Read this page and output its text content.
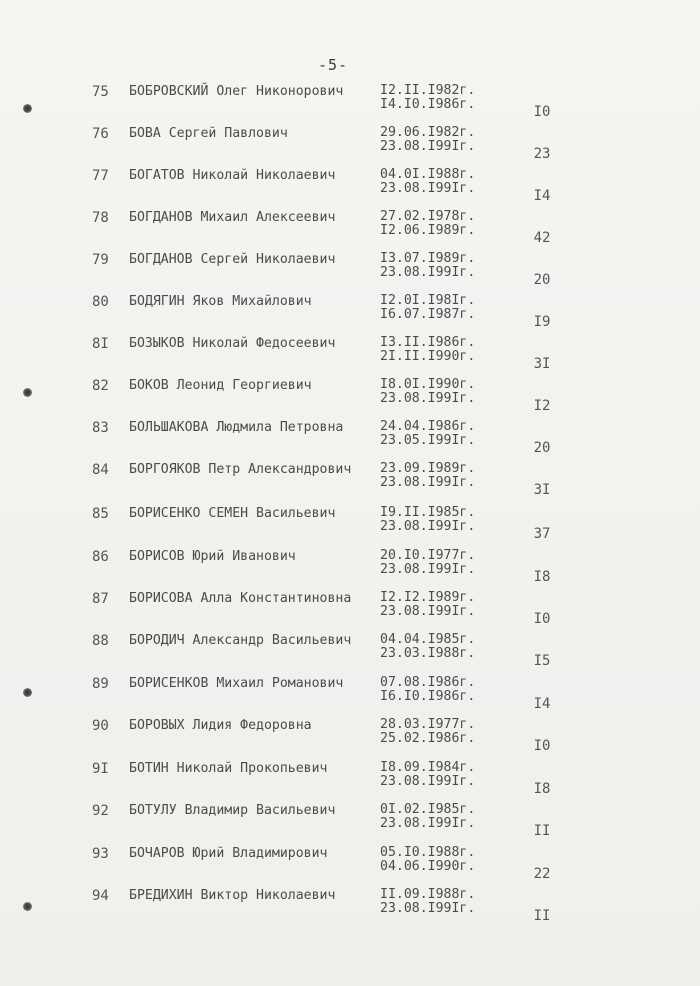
-5-
75 БОБРОВСКИЙ Олег Никонорович	I2.II.I982г.
I4.I0.I986г.	I0
76 БОВА Сергей Павлович	29.06.I982г.
23.08.I99Iг.	23
77 БОГАТОВ Николай Николаевич	04.0I.I988г.
23.08.I99Iг.	I4
78 БОГДАНОВ Михаил Алексеевич	27.02.I978г.
I2.06.I989г.	42
79 БОГДАНОВ Сергей Николаевич	I3.07.I989г.
23.08.I99Iг.	20
80 БОДЯГИН Яков Михайлович	I2.0I.I98Iг.
I6.07.I987г.	I9
8I БОЗЫКОВ Николай Федосеевич	I3.II.I986г.
2I.II.I990г.	3I
82 БОКОВ Леонид Георгиевич	I8.0I.I990г.
23.08.I99Iг.	I2
83 БОЛЬШАКОВА Людмила Петровна	24.04.I986г.
23.05.I99Iг.	20
84 БОРГОЯКОВ Петр Александрович 23.09.I989г.
23.08.I99Iг.	3I
85 БОРИСЕНКО СЕМЕН Васильевич	I9.II.I985г.
23.08.I99Iг.	37
86 БОРИСОВ Юрий Иванович	20.I0.I977г.
23.08.I99Iг.	I8
87 БОРИСОВА Алла Константиновна I2.I2.I989г.
23.08.I99Iг.	I0
88 БОРОДИЧ Александр Васильевич 04.04.I985г.
23.03.I988г.	I5
89 БОРИСЕНКОВ Михаил Романович	07.08.I986г.
I6.I0.I986г.	I4
90 БОРОВЫХ Лидия Федоровна	28.03.I977г.
25.02.I986г.	I0
9I БОТИН Николай Прокопьевич	I8.09.I984г.
23.08.I99Iг.	I8
92 БОТУЛУ Владимир Васильевич	0I.02.I985г.
23.08.I99Iг.	II
93 БОЧАРОВ Юрий Владимирович	05.I0.I988г.
04.06.I990г.	22
94 БРЕДИХИН Виктор Николаевич	II.09.I988г.
23.08.I99Iг.	II
